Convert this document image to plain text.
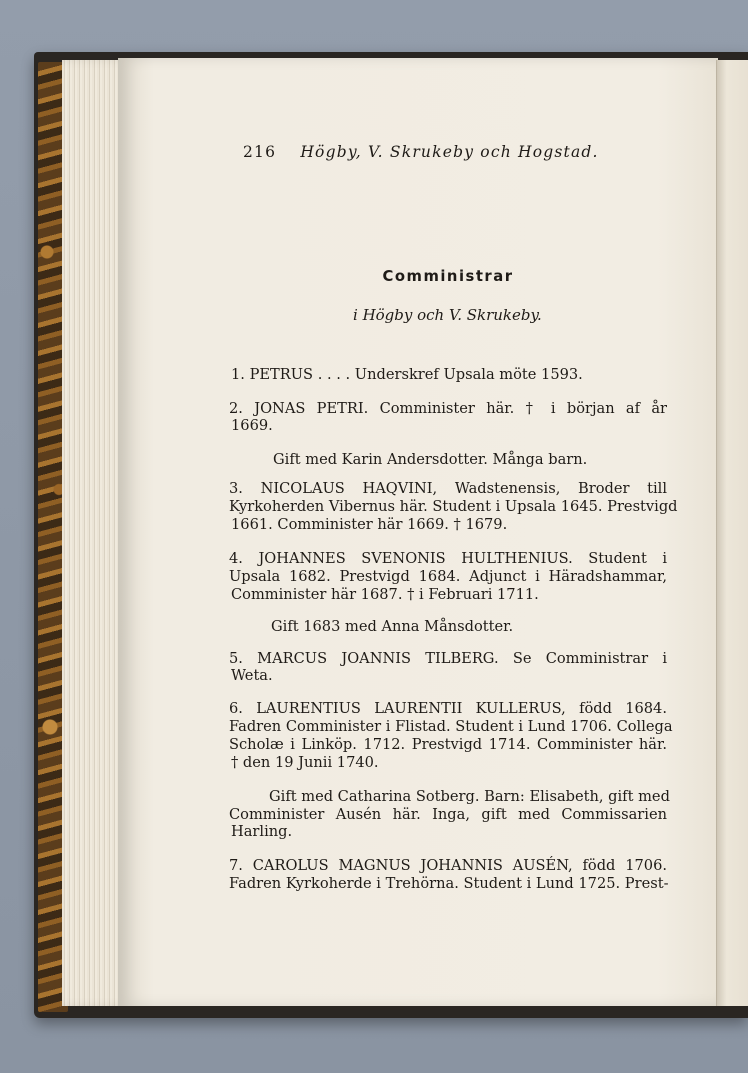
216 Högby, V. Skrukeby och Hogstad.
Comministrar
i Högby och V. Skrukeby.
1. PETRUS . . . . Underskref Upsala möte 1593.
2. JONAS PETRI. Comminister här. † i början af år
1669.
Gift med Karin Andersdotter. Många barn.
3. NICOLAUS HAQVINI, Wadstenensis, Broder till
Kyrkoherden Vibernus här. Student i Upsala 1645. Prestvigd
1661. Comminister här 1669. † 1679.
4. JOHANNES SVENONIS HULTHENIUS. Student i
Upsala 1682. Prestvigd 1684. Adjunct i Häradshammar,
Comminister här 1687. † i Februari 1711.
Gift 1683 med Anna Månsdotter.
5. MARCUS JOANNIS TILBERG. Se Comministrar i
Weta.
6. LAURENTIUS LAURENTII KULLERUS, född 1684.
Fadren Comminister i Flistad. Student i Lund 1706. Collega
Scholæ i Linköp. 1712. Prestvigd 1714. Comminister här.
† den 19 Junii 1740.
Gift med Catharina Sotberg. Barn: Elisabeth, gift med
Comminister Ausén här. Inga, gift med Commissarien
Harling.
7. CAROLUS MAGNUS JOHANNIS AUSÉN, född 1706.
Fadren Kyrkoherde i Trehörna. Student i Lund 1725. Prest-
